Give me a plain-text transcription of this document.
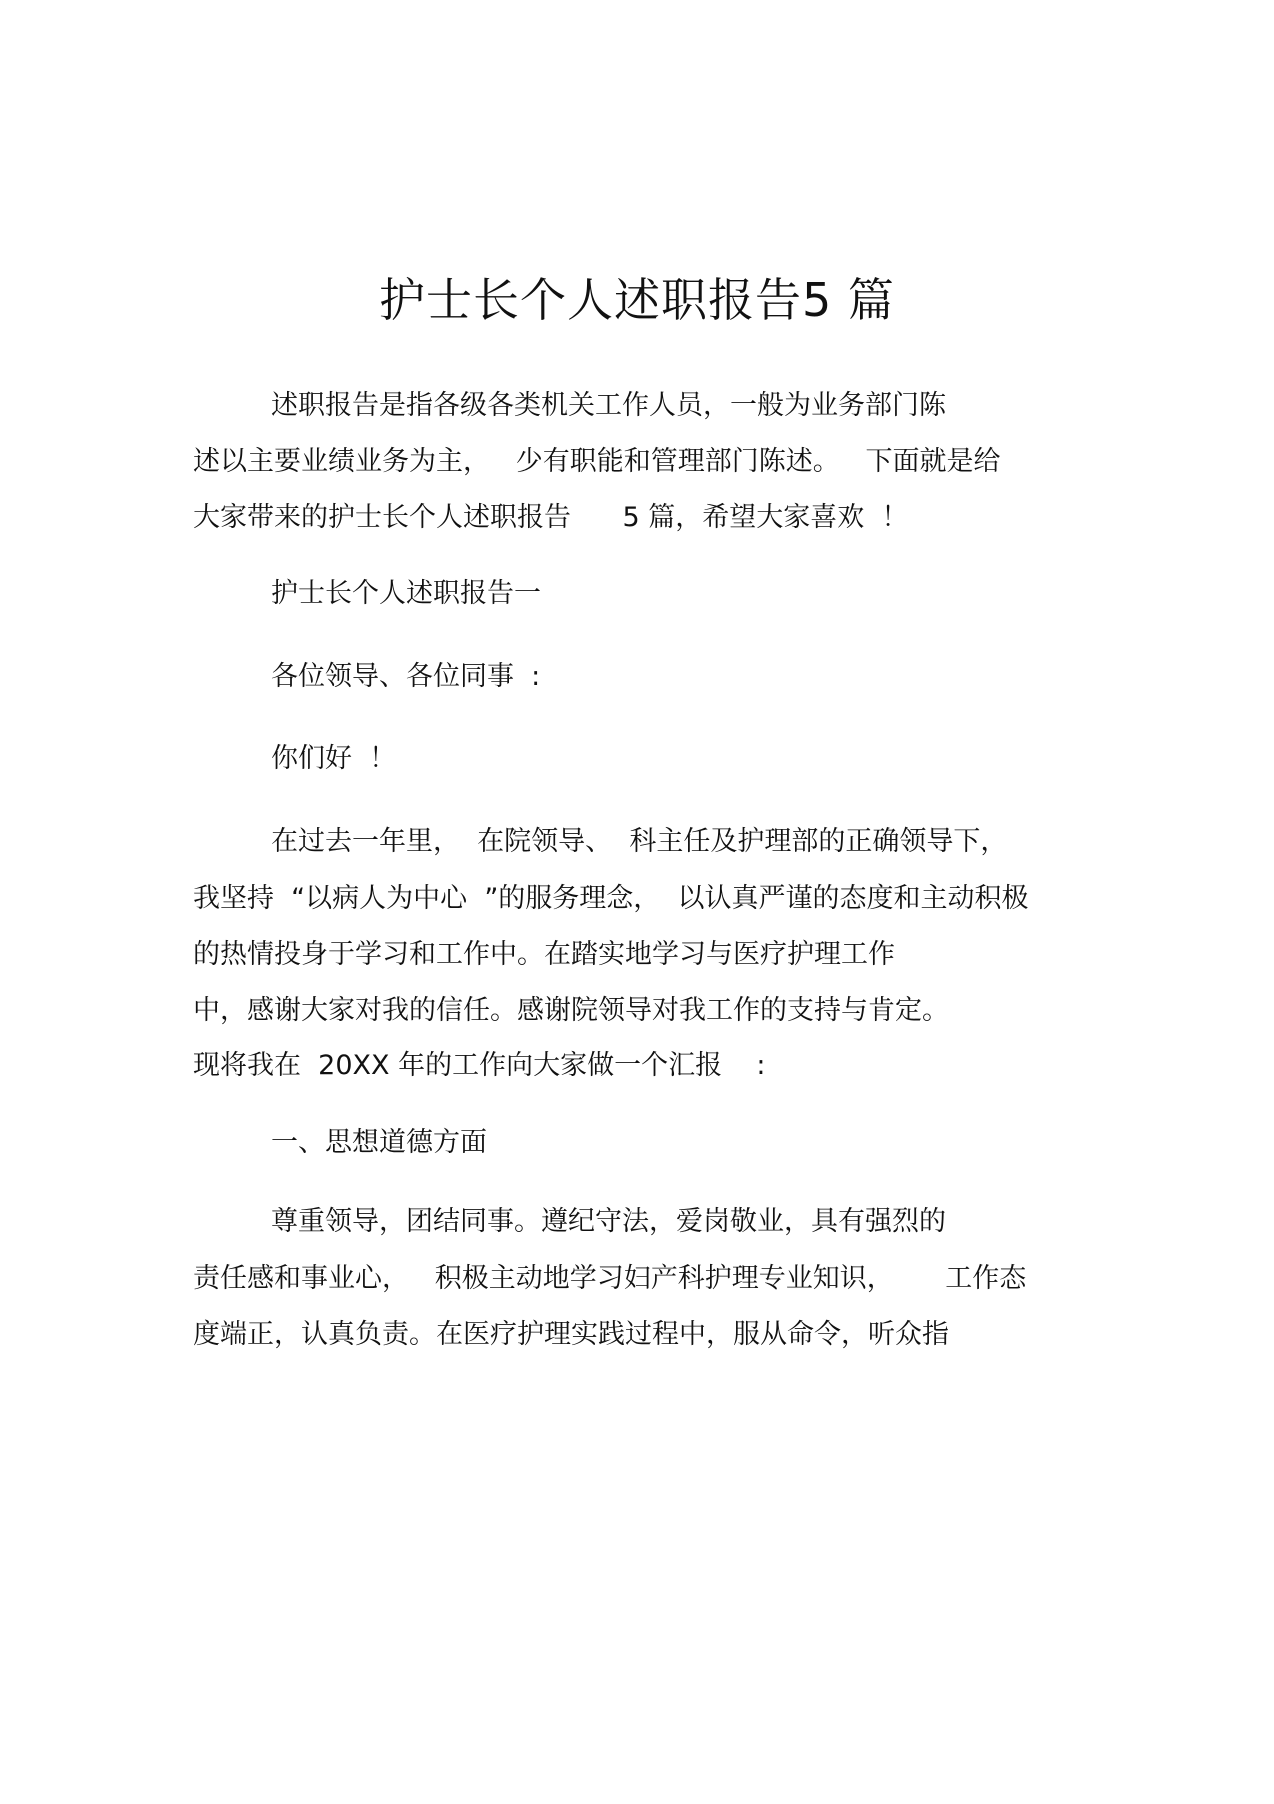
护士长个人述职报告5 篇
述职报告是指各级各类机关工作人员，一般为业务部门陈
述以主要业绩业务为主，   少有职能和管理部门陈述。   下面就是给
大家带来的护士长个人述职报告      5 篇，希望大家喜欢  ！
护士长个人述职报告一
各位领导、各位同事  :
你们好  ！
在过去一年里，  在院领导、  科主任及护理部的正确领导下，
我坚持  “以病人为中心  ”的服务理念，  以认真严谨的态度和主动积极
的热情投身于学习和工作中。在踏实地学习与医疗护理工作
中，感谢大家对我的信任。感谢院领导对我工作的支持与肯定。
现将我在  20XX 年的工作向大家做一个汇报    :
一、思想道德方面
尊重领导，团结同事。遵纪守法，爱岗敬业，具有强烈的
责任感和事业心，   积极主动地学习妇产科护理专业知识，      工作态
度端正，认真负责。在医疗护理实践过程中，服从命令，听众指
